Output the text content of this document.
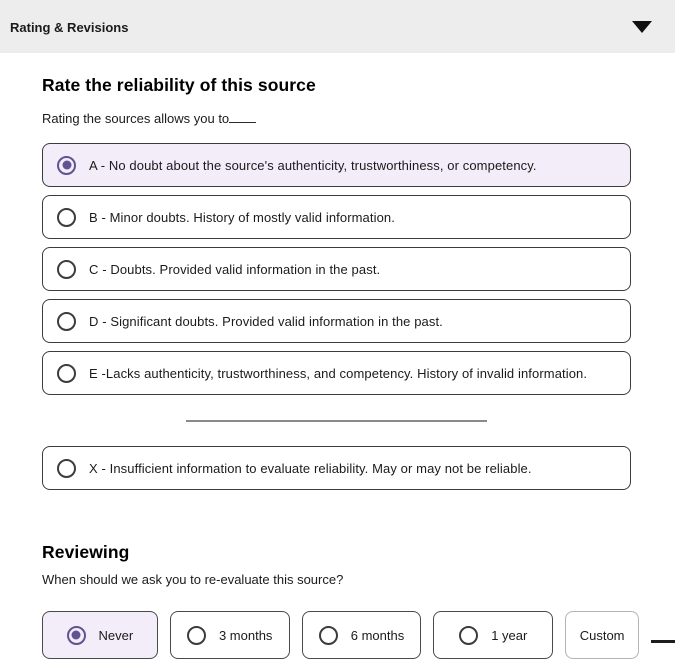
Rating & Revisions
Rate the reliability of this source
Rating the sources allows you to
A - No doubt about the source's authenticity, trustworthiness, or competency.
B - Minor doubts. History of mostly valid information.
C - Doubts. Provided valid information in the past.
D - Significant doubts. Provided valid information in the past.
E -Lacks authenticity, trustworthiness, and competency. History of invalid information.
X - Insufficient information to evaluate reliability. May or may not be reliable.
Reviewing
When should we ask you to re-evaluate this source?
Never	3 months	6 months	1 year	Custom
